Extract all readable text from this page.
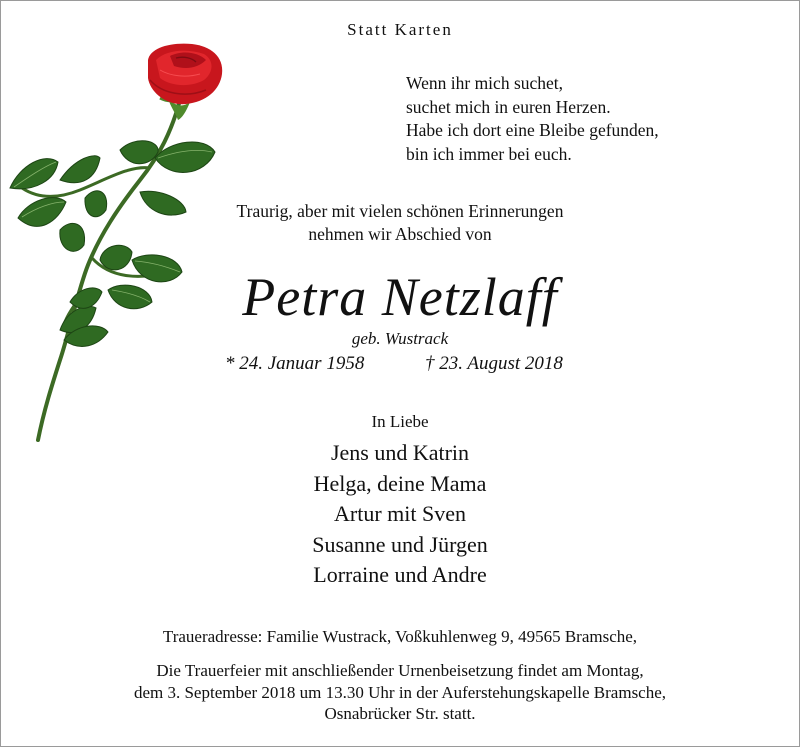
Statt Karten
Wenn ihr mich suchet,
suchet mich in euren Herzen.
Habe ich dort eine Bleibe gefunden,
bin ich immer bei euch.
Traurig, aber mit vielen schönen Erinnerungen
nehmen wir Abschied von
Petra Netzlaff
geb. Wustrack
* 24. Januar 1958	† 23. August 2018
In Liebe
Jens und Katrin
Helga, deine Mama
Artur mit Sven
Susanne und Jürgen
Lorraine und Andre
Traueradresse: Familie Wustrack, Voßkuhlenweg 9, 49565 Bramsche,
Die Trauerfeier mit anschließender Urnenbeisetzung findet am Montag,
dem 3. September 2018 um 13.30 Uhr in der Auferstehungskapelle Bramsche,
Osnabrücker Str. statt.
